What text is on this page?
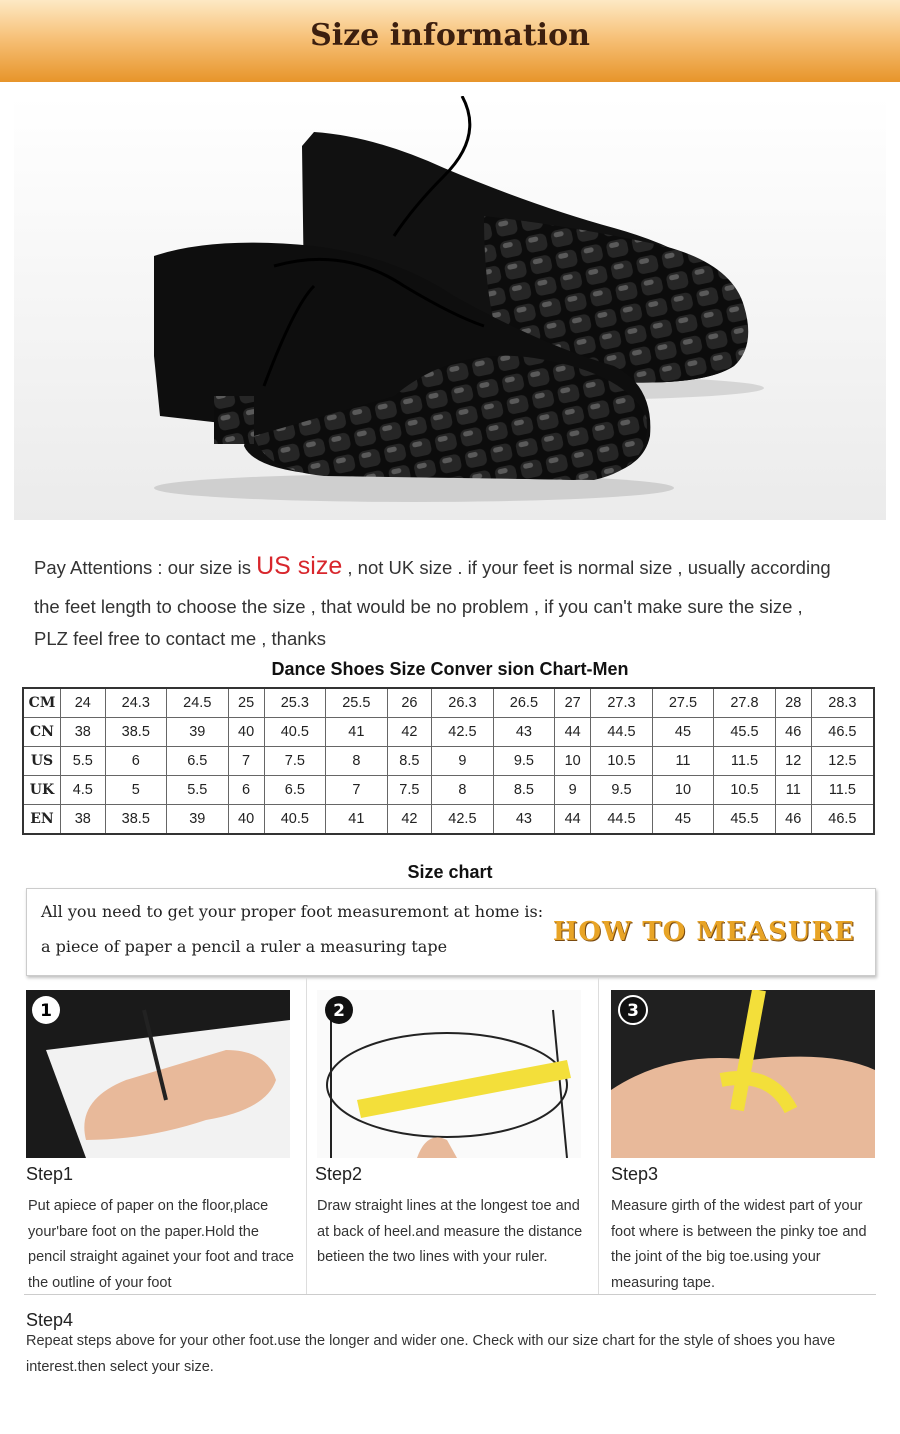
Size information
Pay Attentions : our size is US size , not UK size . if your feet is normal size , usually according
the feet length to choose the size , that would be no problem , if you can't make sure the size ,
PLZ feel free to contact me , thanks
Dance Shoes Size Conver sion Chart-Men
CM	24	24.3	24.5	25	25.3	25.5	26	26.3	26.5	27	27.3	27.5	27.8	28	28.3
CN	38	38.5	39	40	40.5	41	42	42.5	43	44	44.5	45	45.5	46	46.5
US	5.5	6	6.5	7	7.5	8	8.5	9	9.5	10	10.5	11	11.5	12	12.5
UK	4.5	5	5.5	6	6.5	7	7.5	8	8.5	9	9.5	10	10.5	11	11.5
EN	38	38.5	39	40	40.5	41	42	42.5	43	44	44.5	45	45.5	46	46.5
Size chart
All you need to get your proper foot measuremont at home is:
a piece of paper a pencil a ruler a measuring tape	HOW TO MEASURE
1
Step1
Put apiece of paper on the floor,place your'bare foot on the paper.Hold the pencil straight againet your foot and trace the outline of your foot
2
Step2
Draw straight lines at the longest toe and at back of heel.and measure the distance betieen the two lines with your ruler.
3
Step3
Measure girth of the widest part of your foot where is between the pinky toe and the joint of the big toe.using your measuring tape.
Step4
Repeat steps above for your other foot.use the longer and wider one. Check with our size chart for the style of shoes you have interest.then select your size.
